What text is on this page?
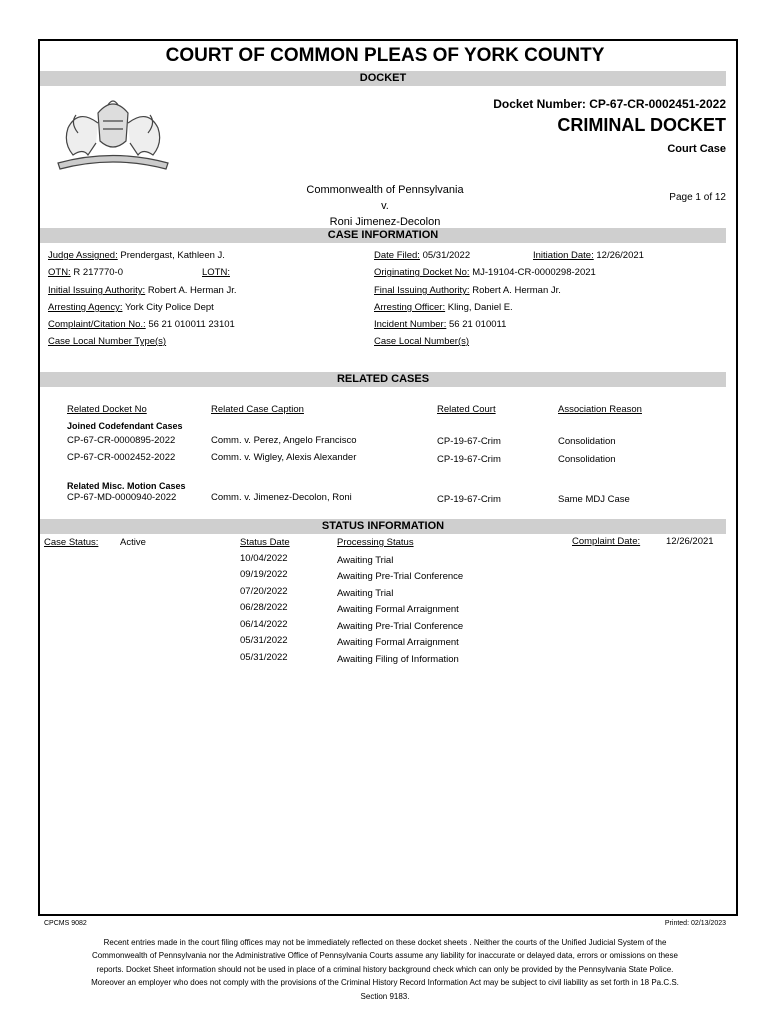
COURT OF COMMON PLEAS OF YORK COUNTY
DOCKET
Docket Number: CP-67-CR-0002451-2022
CRIMINAL DOCKET
Court Case
Commonwealth of Pennsylvania
v.
Roni Jimenez-Decolon
Page 1 of 12
CASE INFORMATION
Judge Assigned: Prendergast, Kathleen J.
OTN: R 217770-0	LOTN:
Initial Issuing Authority: Robert A. Herman Jr.
Arresting Agency: York City Police Dept
Complaint/Citation No.: 56 21 010011 23101
Case Local Number Type(s)
Date Filed: 05/31/2022	Initiation Date: 12/26/2021
Originating Docket No: MJ-19104-CR-0000298-2021
Final Issuing Authority: Robert A. Herman Jr.
Arresting Officer: Kling, Daniel E.
Incident Number: 56 21 010011
Case Local Number(s)
RELATED CASES
Related Docket No	Related Case Caption	Related Court	Association Reason
Joined Codefendant Cases
CP-67-CR-0000895-2022	Comm. v. Perez, Angelo Francisco	CP-19-67-Crim	Consolidation
CP-67-CR-0002452-2022	Comm. v. Wigley, Alexis Alexander	CP-19-67-Crim	Consolidation
Related Misc. Motion Cases
CP-67-MD-0000940-2022	Comm. v. Jimenez-Decolon, Roni	CP-19-67-Crim	Same MDJ Case
STATUS INFORMATION
Case Status: Active	Status Date	Processing Status	Complaint Date:	12/26/2021
10/04/2022	Awaiting Trial
09/19/2022	Awaiting Pre-Trial Conference
07/20/2022	Awaiting Trial
06/28/2022	Awaiting Formal Arraignment
06/14/2022	Awaiting Pre-Trial Conference
05/31/2022	Awaiting Formal Arraignment
05/31/2022	Awaiting Filing of Information
CPCMS 9082	Printed: 02/13/2023
Recent entries made in the court filing offices may not be immediately reflected on these docket sheets . Neither the courts of the Unified Judicial System of the Commonwealth of Pennsylvania nor the Administrative Office of Pennsylvania Courts assume any liability for inaccurate or delayed data, errors or omissions on these reports. Docket Sheet information should not be used in place of a criminal history background check which can only be provided by the Pennsylvania State Police. Moreover an employer who does not comply with the provisions of the Criminal History Record Information Act may be subject to civil liability as set forth in 18 Pa.C.S. Section 9183.
